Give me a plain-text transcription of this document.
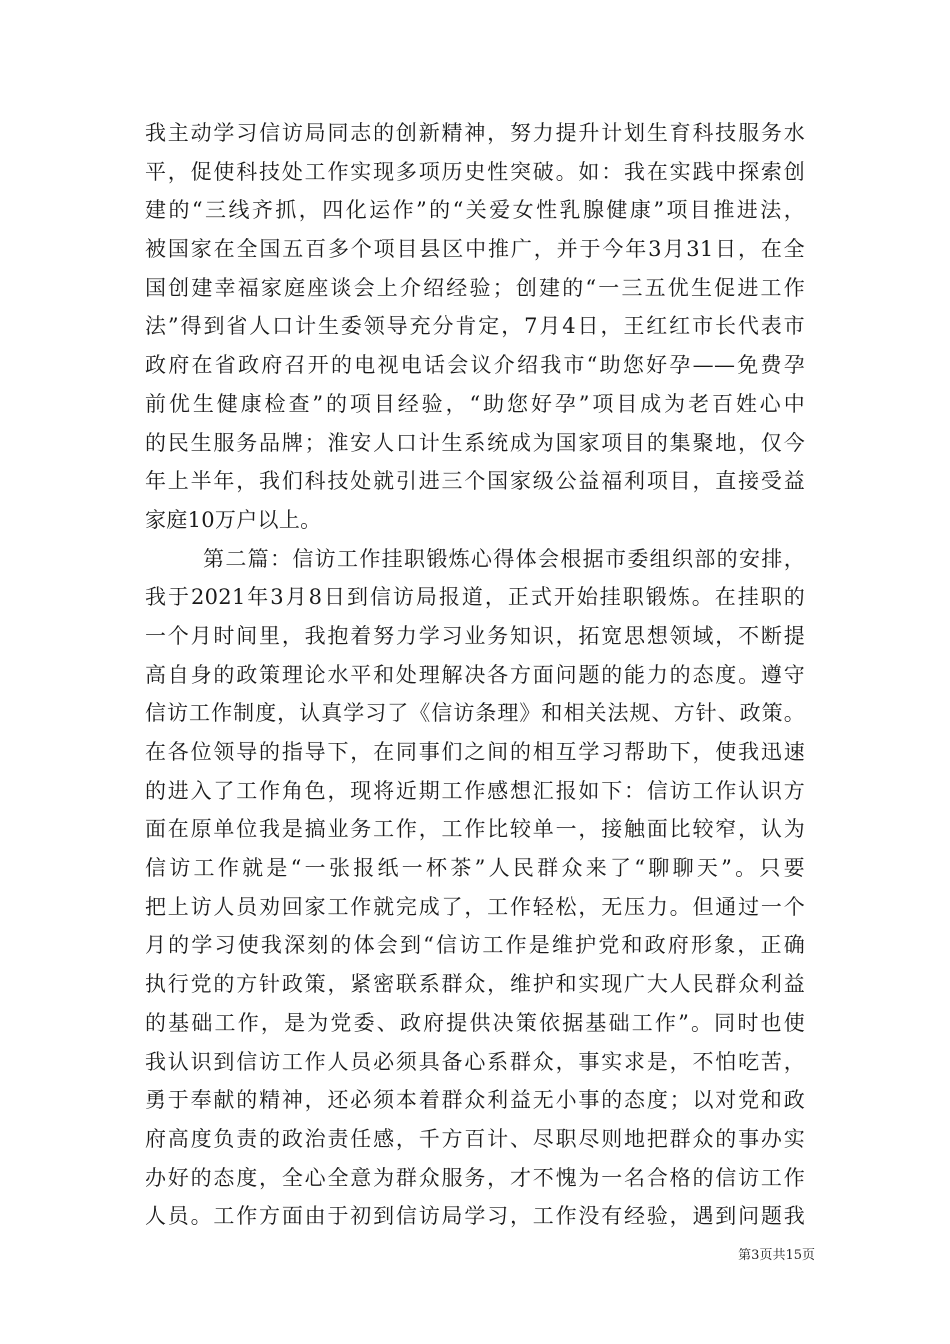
我主动学习信访局同志的创新精神，努力提升计划生育科技服务水
平，促使科技处工作实现多项历史性突破。如：我在实践中探索创
建的“三线齐抓，四化运作”的“关爱女性乳腺健康”项目推进法，
被国家在全国五百多个项目县区中推广，并于今年3月31日，在全
国创建幸福家庭座谈会上介绍经验；创建的“一三五优生促进工作
法”得到省人口计生委领导充分肯定，7月4日，王红红市长代表市
政府在省政府召开的电视电话会议介绍我市“助您好孕——免费孕
前优生健康检查”的项目经验，“助您好孕”项目成为老百姓心中
的民生服务品牌；淮安人口计生系统成为国家项目的集聚地，仅今
年上半年，我们科技处就引进三个国家级公益福利项目，直接受益
家庭10万户以上。
第二篇：信访工作挂职锻炼心得体会根据市委组织部的安排，
我于2021年3月8日到信访局报道，正式开始挂职锻炼。在挂职的
一个月时间里，我抱着努力学习业务知识，拓宽思想领域，不断提
高自身的政策理论水平和处理解决各方面问题的能力的态度。遵守
信访工作制度，认真学习了《信访条理》和相关法规、方针、政策。
在各位领导的指导下，在同事们之间的相互学习帮助下，使我迅速
的进入了工作角色，现将近期工作感想汇报如下：信访工作认识方
面在原单位我是搞业务工作，工作比较单一，接触面比较窄，认为
信访工作就是“一张报纸一杯茶”人民群众来了“聊聊天”。只要
把上访人员劝回家工作就完成了，工作轻松，无压力。但通过一个
月的学习使我深刻的体会到“信访工作是维护党和政府形象，正确
执行党的方针政策，紧密联系群众，维护和实现广大人民群众利益
的基础工作，是为党委、政府提供决策依据基础工作”。同时也使
我认识到信访工作人员必须具备心系群众，事实求是，不怕吃苦，
勇于奉献的精神，还必须本着群众利益无小事的态度；以对党和政
府高度负责的政治责任感，千方百计、尽职尽则地把群众的事办实
办好的态度，全心全意为群众服务，才不愧为一名合格的信访工作
人员。工作方面由于初到信访局学习，工作没有经验，遇到问题我
第3页共15页
